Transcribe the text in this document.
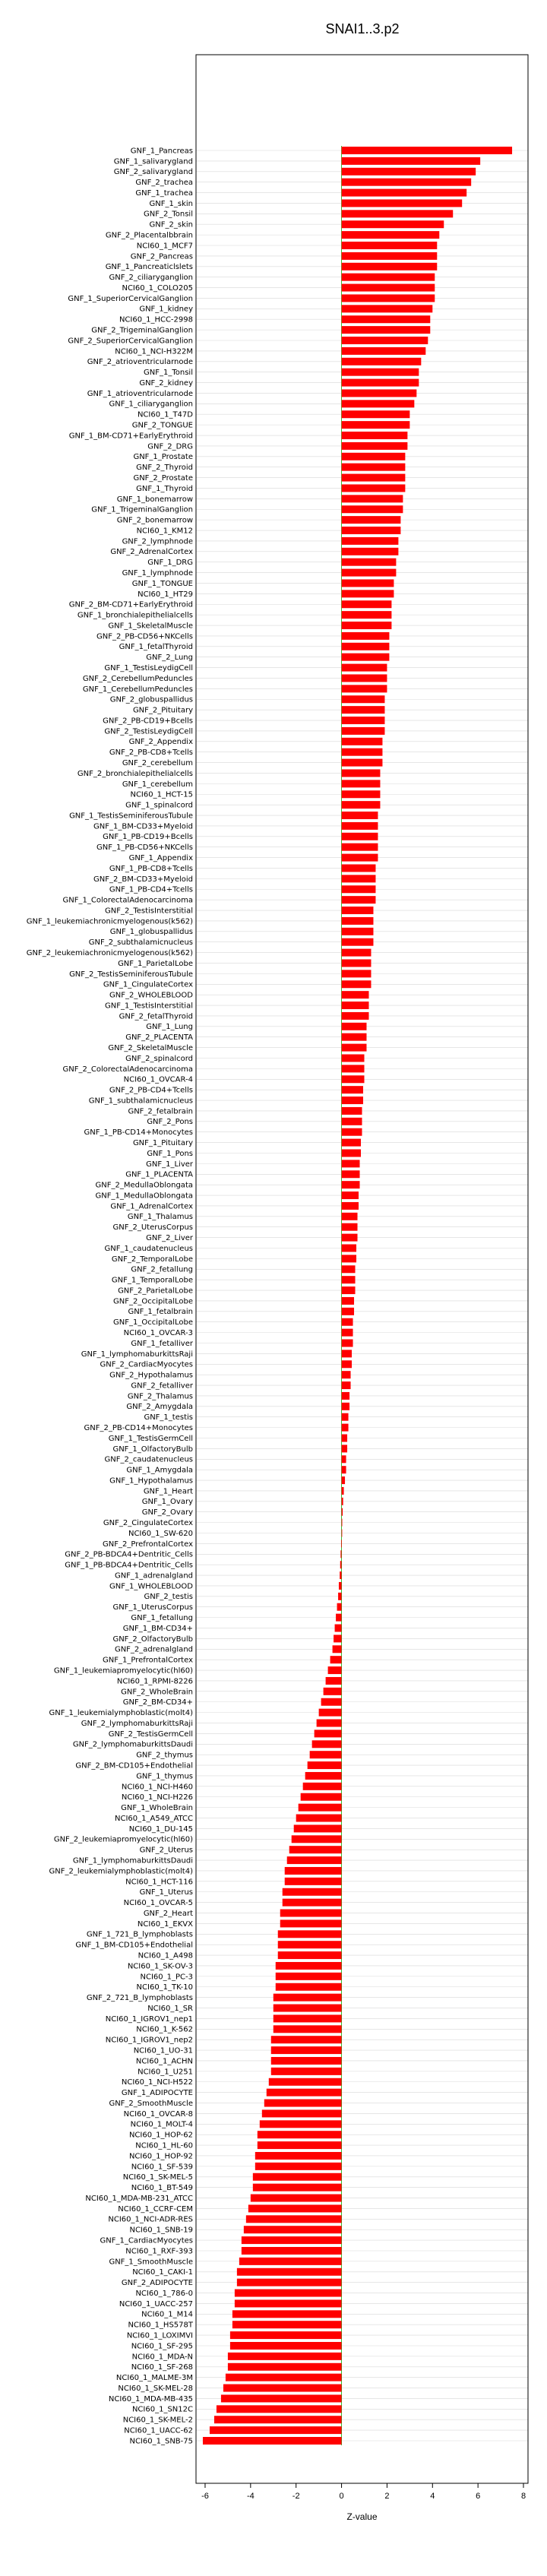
SNAI1..3.p2
GNF_1_Pancreas
GNF_1_salivarygland
GNF_2_salivarygland
GNF_2_trachea
GNF_1_trachea
GNF_1_skin
GNF_2_Tonsil
GNF_2_skin
GNF_2_Placentalbbrain
NCI60_1_MCF7
GNF_2_Pancreas
GNF_1_Pancreaticlslets
GNF_2_ciliaryganglion
NCI60_1_COLO205
GNF_1_SuperiorCervicalGanglion
GNF_1_kidney
NCI60_1_HCC-2998
GNF_2_TrigeminalGanglion
GNF_2_SuperiorCervicalGanglion
NCI60_1_NCI-H322M
GNF_2_atrioventricularnode
GNF_1_Tonsil
GNF_2_kidney
GNF_1_atrioventricularnode
GNF_1_ciliaryganglion
NCI60_1_T47D
GNF_2_TONGUE
GNF_1_BM-CD71+EarlyErythroid
GNF_2_DRG
GNF_1_Prostate
GNF_2_Thyroid
GNF_2_Prostate
GNF_1_Thyroid
GNF_1_bonemarrow
GNF_1_TrigeminalGanglion
GNF_2_bonemarrow
NCI60_1_KM12
GNF_2_lymphnode
GNF_2_AdrenalCortex
GNF_1_DRG
GNF_1_lymphnode
GNF_1_TONGUE
NCI60_1_HT29
GNF_2_BM-CD71+EarlyErythroid
GNF_1_bronchialepithelialcells
GNF_1_SkeletalMuscle
GNF_2_PB-CD56+NKCells
GNF_1_fetalThyroid
GNF_2_Lung
GNF_1_TestisLeydigCell
GNF_2_CerebellumPeduncles
GNF_1_CerebellumPeduncles
GNF_2_globuspallidus
GNF_2_Pituitary
GNF_2_PB-CD19+Bcells
GNF_2_TestisLeydigCell
GNF_2_Appendix
GNF_2_PB-CD8+Tcells
GNF_2_cerebellum
GNF_2_bronchialepithelialcells
GNF_1_cerebellum
NCI60_1_HCT-15
GNF_1_spinalcord
GNF_1_TestisSeminiferousTubule
GNF_1_BM-CD33+Myeloid
GNF_1_PB-CD19+Bcells
GNF_1_PB-CD56+NKCells
GNF_1_Appendix
GNF_1_PB-CD8+Tcells
GNF_2_BM-CD33+Myeloid
GNF_1_PB-CD4+Tcells
GNF_1_ColorectalAdenocarcinoma
GNF_2_TestisInterstitial
GNF_1_leukemiachronicmyelogenous(k562)
GNF_1_globuspallidus
GNF_2_subthalamicnucleus
GNF_2_leukemiachronicmyelogenous(k562)
GNF_1_ParietalLobe
GNF_2_TestisSeminiferousTubule
GNF_1_CingulateCortex
GNF_2_WHOLEBLOOD
GNF_1_TestisInterstitial
GNF_2_fetalThyroid
GNF_1_Lung
GNF_2_PLACENTA
GNF_2_SkeletalMuscle
GNF_2_spinalcord
GNF_2_ColorectalAdenocarcinoma
NCI60_1_OVCAR-4
GNF_2_PB-CD4+Tcells
GNF_1_subthalamicnucleus
GNF_2_fetalbrain
GNF_2_Pons
GNF_1_PB-CD14+Monocytes
GNF_1_Pituitary
GNF_1_Pons
GNF_1_Liver
GNF_1_PLACENTA
GNF_2_MedullaOblongata
GNF_1_MedullaOblongata
GNF_1_AdrenalCortex
GNF_1_Thalamus
GNF_2_UterusCorpus
GNF_2_Liver
GNF_1_caudatenucleus
GNF_2_TemporalLobe
GNF_2_fetallung
GNF_1_TemporalLobe
GNF_2_ParietalLobe
GNF_2_OccipitalLobe
GNF_1_fetalbrain
GNF_1_OccipitalLobe
NCI60_1_OVCAR-3
GNF_1_fetalliver
GNF_1_lymphomaburkittsRaji
GNF_2_CardiacMyocytes
GNF_2_Hypothalamus
GNF_2_fetalliver
GNF_2_Thalamus
GNF_2_Amygdala
GNF_1_testis
GNF_2_PB-CD14+Monocytes
GNF_1_TestisGermCell
GNF_1_OlfactoryBulb
GNF_2_caudatenucleus
GNF_1_Amygdala
GNF_1_Hypothalamus
GNF_1_Heart
GNF_1_Ovary
GNF_2_Ovary
GNF_2_CingulateCortex
NCI60_1_SW-620
GNF_2_PrefrontalCortex
GNF_2_PB-BDCA4+Dentritic_Cells
GNF_1_PB-BDCA4+Dentritic_Cells
GNF_1_adrenalgland
GNF_1_WHOLEBLOOD
GNF_2_testis
GNF_1_UterusCorpus
GNF_1_fetallung
GNF_1_BM-CD34+
GNF_2_OlfactoryBulb
GNF_2_adrenalgland
GNF_1_PrefrontalCortex
GNF_1_leukemiapromyelocytic(hl60)
NCI60_1_RPMI-8226
GNF_2_WholeBrain
GNF_2_BM-CD34+
GNF_1_leukemialymphoblastic(molt4)
GNF_2_lymphomaburkittsRaji
GNF_2_TestisGermCell
GNF_2_lymphomaburkittsDaudi
GNF_2_thymus
GNF_2_BM-CD105+Endothelial
GNF_1_thymus
NCI60_1_NCI-H460
NCI60_1_NCI-H226
GNF_1_WholeBrain
NCI60_1_A549_ATCC
NCI60_1_DU-145
GNF_2_leukemiapromyelocytic(hl60)
GNF_2_Uterus
GNF_1_lymphomaburkittsDaudi
GNF_2_leukemialymphoblastic(molt4)
NCI60_1_HCT-116
GNF_1_Uterus
NCI60_1_OVCAR-5
GNF_2_Heart
NCI60_1_EKVX
GNF_1_721_B_lymphoblasts
GNF_1_BM-CD105+Endothelial
NCI60_1_A498
NCI60_1_SK-OV-3
NCI60_1_PC-3
NCI60_1_TK-10
GNF_2_721_B_lymphoblasts
NCI60_1_SR
NCI60_1_IGROV1_nep1
NCI60_1_K-562
NCI60_1_IGROV1_nep2
NCI60_1_UO-31
NCI60_1_ACHN
NCI60_1_U251
NCI60_1_NCI-H522
GNF_1_ADIPOCYTE
GNF_2_SmoothMuscle
NCI60_1_OVCAR-8
NCI60_1_MOLT-4
NCI60_1_HOP-62
NCI60_1_HL-60
NCI60_1_HOP-92
NCI60_1_SF-539
NCI60_1_SK-MEL-5
NCI60_1_BT-549
NCI60_1_MDA-MB-231_ATCC
NCI60_1_CCRF-CEM
NCI60_1_NCI-ADR-RES
NCI60_1_SNB-19
GNF_1_CardiacMyocytes
NCI60_1_RXF-393
GNF_1_SmoothMuscle
NCI60_1_CAKI-1
GNF_2_ADIPOCYTE
NCI60_1_786-0
NCI60_1_UACC-257
NCI60_1_M14
NCI60_1_HS578T
NCI60_1_LOXIMVI
NCI60_1_SF-295
NCI60_1_MDA-N
NCI60_1_SF-268
NCI60_1_MALME-3M
NCI60_1_SK-MEL-28
NCI60_1_MDA-MB-435
NCI60_1_SN12C
NCI60_1_SK-MEL-2
NCI60_1_UACC-62
NCI60_1_SNB-75
-6	-4	-2	0	2	4	6	8
Z-value
